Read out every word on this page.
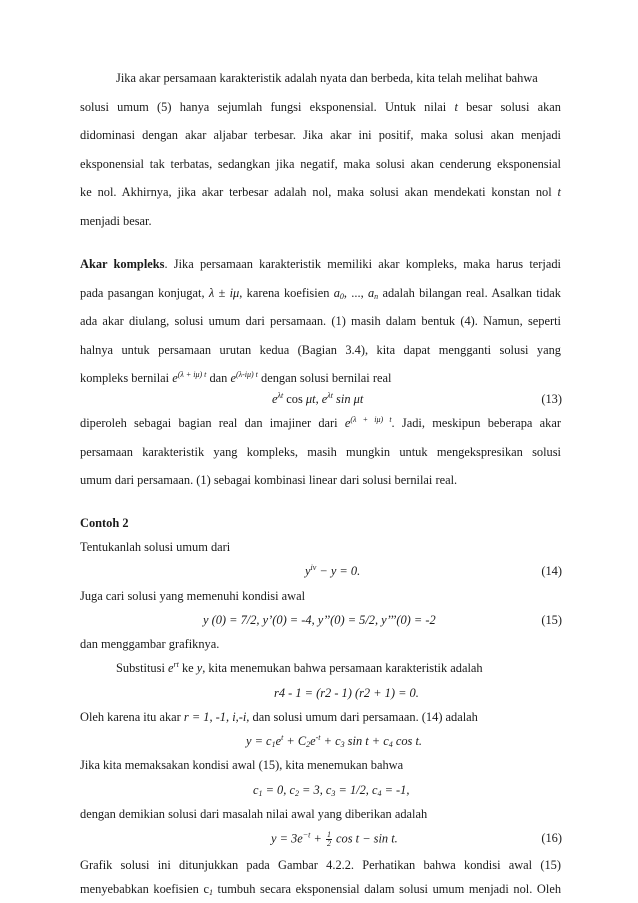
Jika akar persamaan karakteristik adalah nyata dan berbeda, kita telah melihat bahwa
solusi umum (5) hanya sejumlah fungsi eksponensial. Untuk nilai t besar solusi akan
didominasi dengan akar aljabar terbesar. Jika akar ini positif, maka solusi akan menjadi
eksponensial tak terbatas, sedangkan jika negatif, maka solusi akan cenderung eksponensial
ke nol. Akhirnya, jika akar terbesar adalah nol, maka solusi akan mendekati konstan nol t
menjadi besar.
Akar kompleks. Jika persamaan karakteristik memiliki akar kompleks, maka harus terjadi
pada pasangan konjugat, λ ± iμ, karena koefisien $a_0$, ..., $a_n$ adalah bilangan real. Asalkan tidak
ada akar diulang, solusi umum dari persamaan. (1) masih dalam bentuk (4). Namun, seperti
halnya untuk persamaan urutan kedua (Bagian 3.4), kita dapat mengganti solusi yang
kompleks bernilai $e^{(\lambda + i\mu) t}$ dan $e^{(\lambda-i\mu) t}$ dengan solusi bernilai real
$e^{\lambda t}$ cos μt, $e^{\lambda t}$ sin μt	(13)
diperoleh sebagai bagian real dan imajiner dari $e^{(\lambda + i\mu) t}$. Jadi, meskipun beberapa akar
persamaan karakteristik yang kompleks, masih mungkin untuk mengekspresikan solusi
umum dari persamaan. (1) sebagai kombinasi linear dari solusi bernilai real.
Contoh 2
Tentukanlah solusi umum dari
$y^{iv} - y = 0$.	(14)
Juga cari solusi yang memenuhi kondisi awal
y (0) = 7/2, y’(0) = -4, y’’(0) = 5/2, y’’’(0) = -2	(15)
dan menggambar grafiknya.
Substitusi $e^{rt}$ ke y, kita menemukan bahwa persamaan karakteristik adalah
r4 - 1 = (r2 - 1) (r2 + 1) = 0.
Oleh karena itu akar r = 1, -1, i,-i, dan solusi umum dari persamaan. (14) adalah
$y = c_1e^t + C_2e^{-t} + c_3$ $\sin t + c_4$ cos t.
Jika kita memaksakan kondisi awal (15), kita menemukan bahwa
$c_1 = 0$, $c_2 = 3$, $c_3 = 1/2$, $c_4 = -1$,
dengan demikian solusi dari masalah nilai awal yang diberikan adalah
$y = 3e^{-t} + \frac{1}{2}$ cos t − sin t.	(16)
Grafik solusi ini ditunjukkan pada Gambar 4.2.2. Perhatikan bahwa kondisi awal (15)
menyebabkan koefisien $c_1$ tumbuh secara eksponensial dalam solusi umum menjadi nol. Oleh
